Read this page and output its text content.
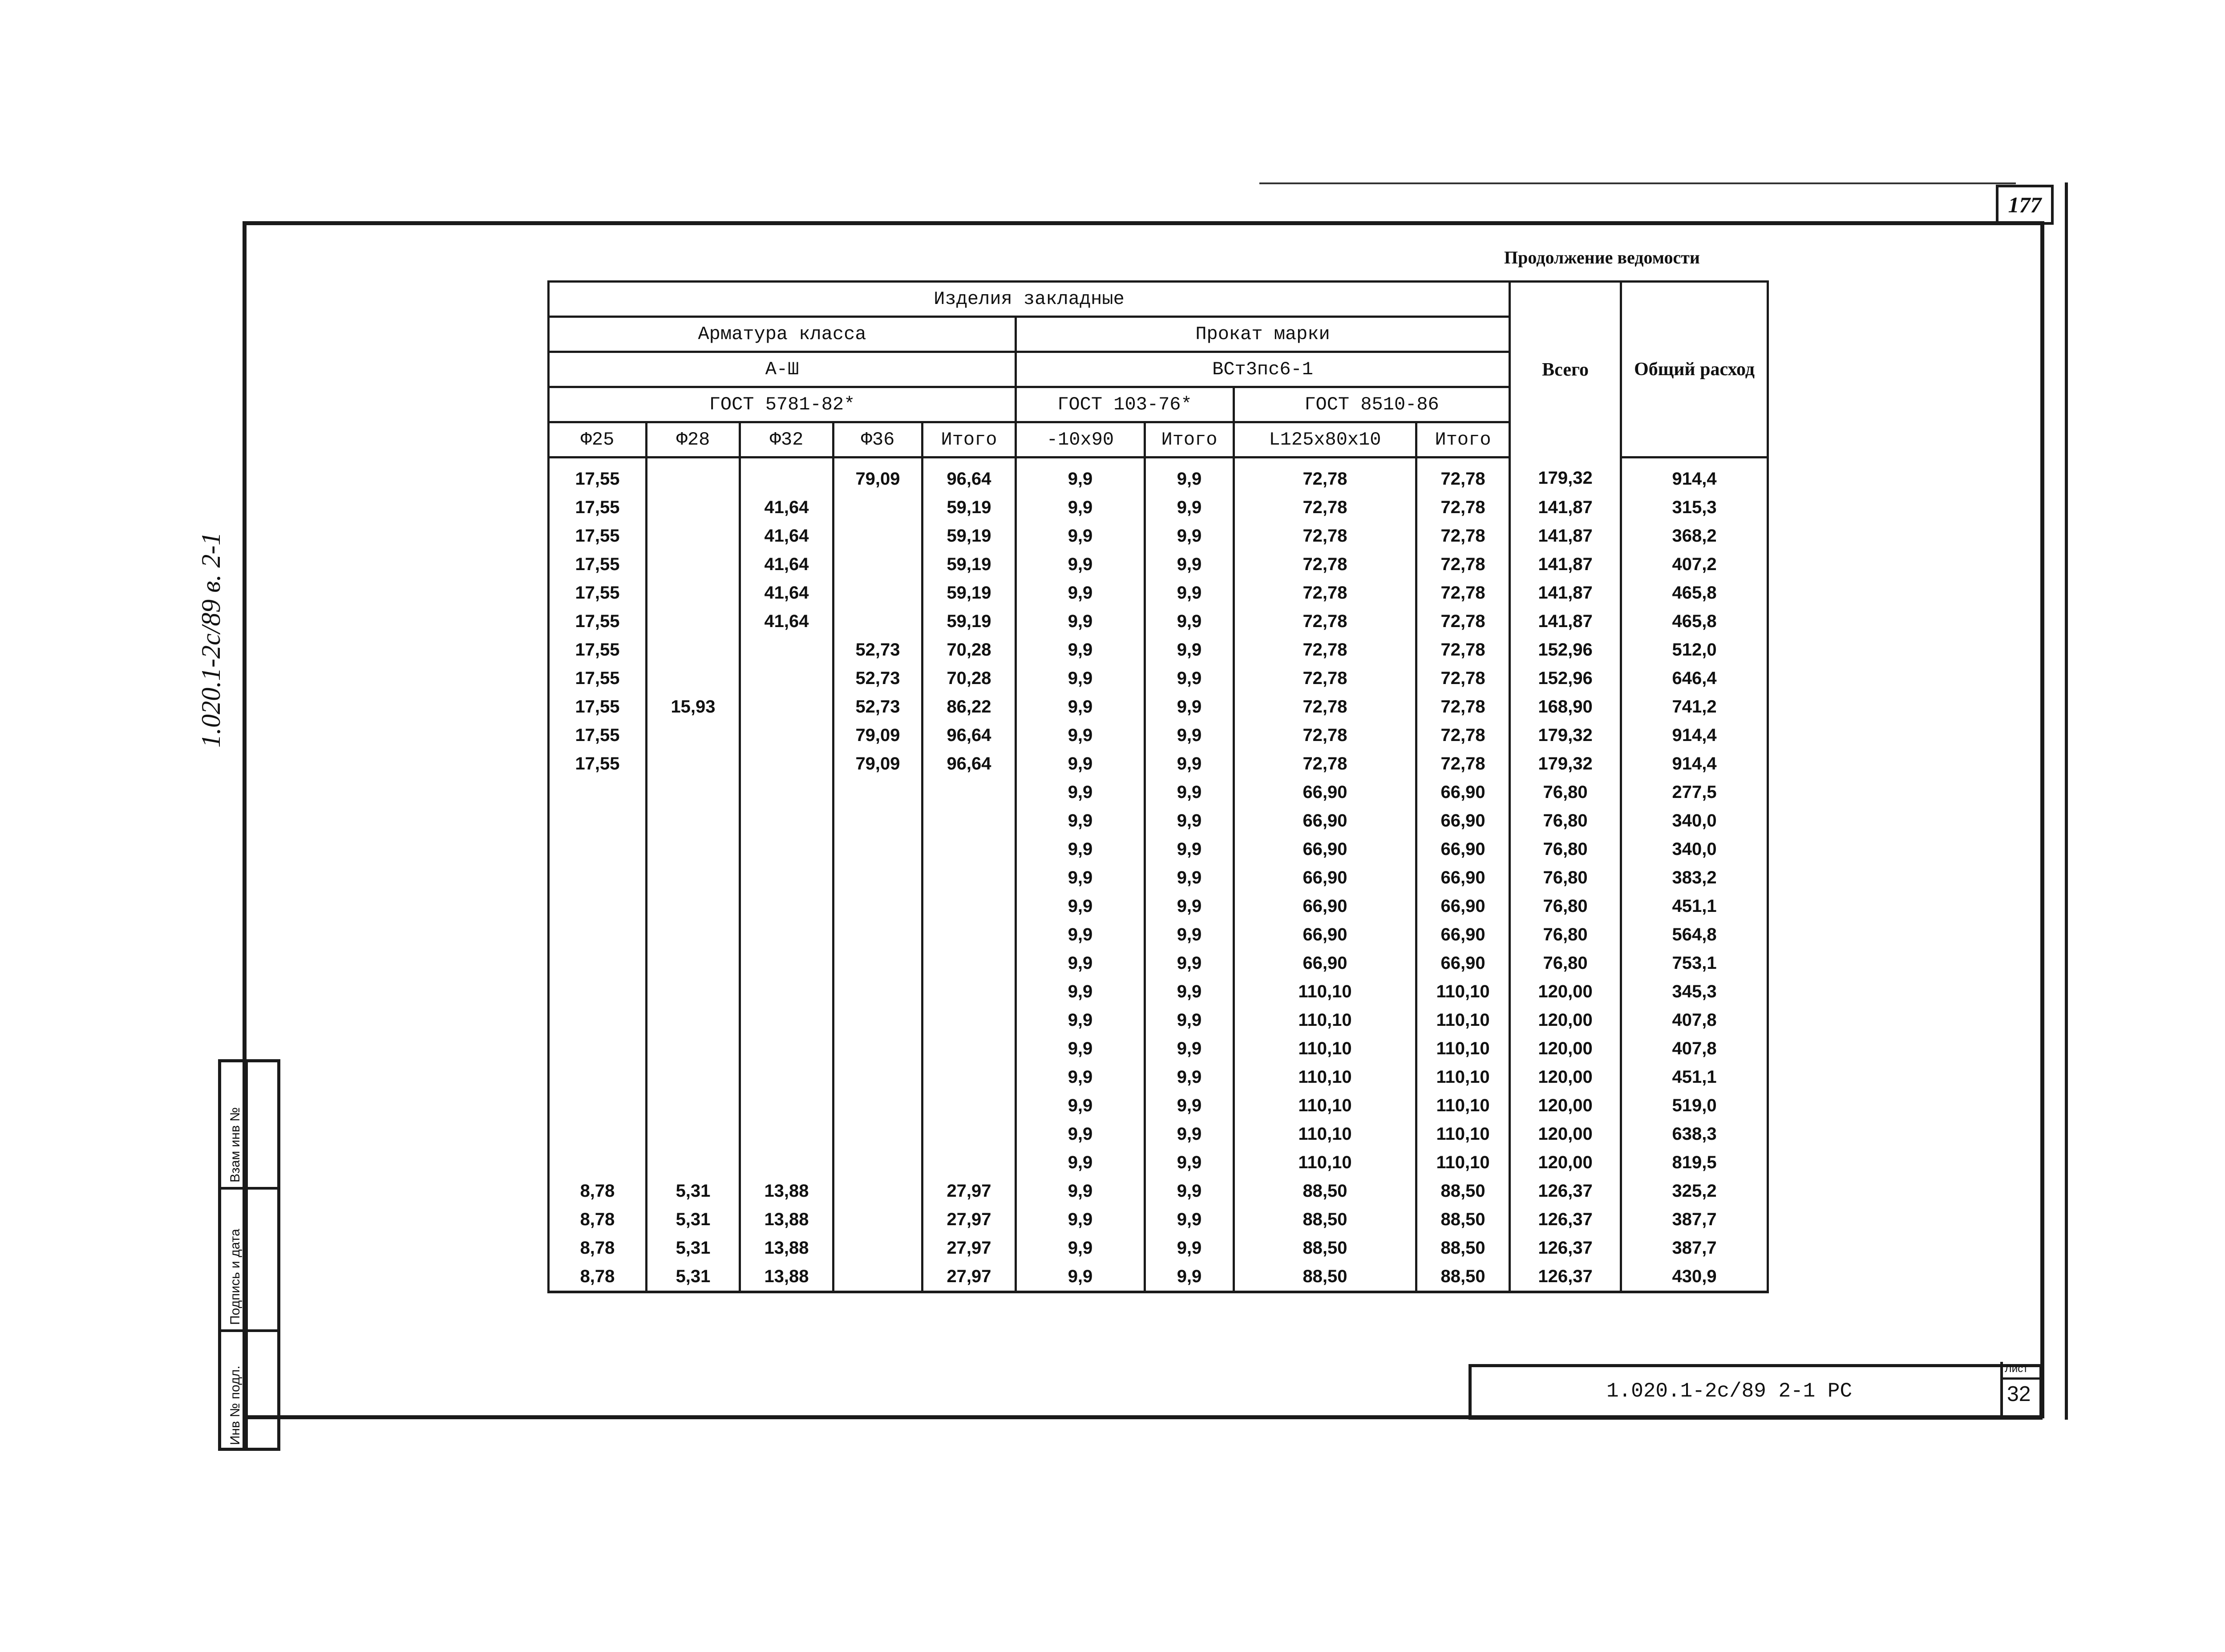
177
1.020.1-2с/89 в. 2-1
Взам инв №
Подпись и дата
Инв № подл.
Продолжение ведомости
Изделия закладные									Всего	Общий расход
Арматура класса					Прокат марки					
А-Ш					ВСт3пс6-1					
ГОСТ 5781-82*					ГОСТ 103-76*		ГОСТ 8510-86			
Ф25	Ф28	Ф32	Ф36	Итого	-10х90	Итого	L125х80х10	Итого		
17,55			79,09	96,64	9,9	9,9	72,78	72,78	179,32	914,4
17,55		41,64		59,19	9,9	9,9	72,78	72,78	141,87	315,3
17,55		41,64		59,19	9,9	9,9	72,78	72,78	141,87	368,2
17,55		41,64		59,19	9,9	9,9	72,78	72,78	141,87	407,2
17,55		41,64		59,19	9,9	9,9	72,78	72,78	141,87	465,8
17,55		41,64		59,19	9,9	9,9	72,78	72,78	141,87	465,8
17,55			52,73	70,28	9,9	9,9	72,78	72,78	152,96	512,0
17,55			52,73	70,28	9,9	9,9	72,78	72,78	152,96	646,4
17,55	15,93		52,73	86,22	9,9	9,9	72,78	72,78	168,90	741,2
17,55			79,09	96,64	9,9	9,9	72,78	72,78	179,32	914,4
17,55			79,09	96,64	9,9	9,9	72,78	72,78	179,32	914,4
					9,9	9,9	66,90	66,90	76,80	277,5
					9,9	9,9	66,90	66,90	76,80	340,0
					9,9	9,9	66,90	66,90	76,80	340,0
					9,9	9,9	66,90	66,90	76,80	383,2
					9,9	9,9	66,90	66,90	76,80	451,1
					9,9	9,9	66,90	66,90	76,80	564,8
					9,9	9,9	66,90	66,90	76,80	753,1
					9,9	9,9	110,10	110,10	120,00	345,3
					9,9	9,9	110,10	110,10	120,00	407,8
					9,9	9,9	110,10	110,10	120,00	407,8
					9,9	9,9	110,10	110,10	120,00	451,1
					9,9	9,9	110,10	110,10	120,00	519,0
					9,9	9,9	110,10	110,10	120,00	638,3
					9,9	9,9	110,10	110,10	120,00	819,5
8,78	5,31	13,88		27,97	9,9	9,9	88,50	88,50	126,37	325,2
8,78	5,31	13,88		27,97	9,9	9,9	88,50	88,50	126,37	387,7
8,78	5,31	13,88		27,97	9,9	9,9	88,50	88,50	126,37	387,7
8,78	5,31	13,88		27,97	9,9	9,9	88,50	88,50	126,37	430,9
1.020.1-2с/89 2-1 РС
Лист
32
